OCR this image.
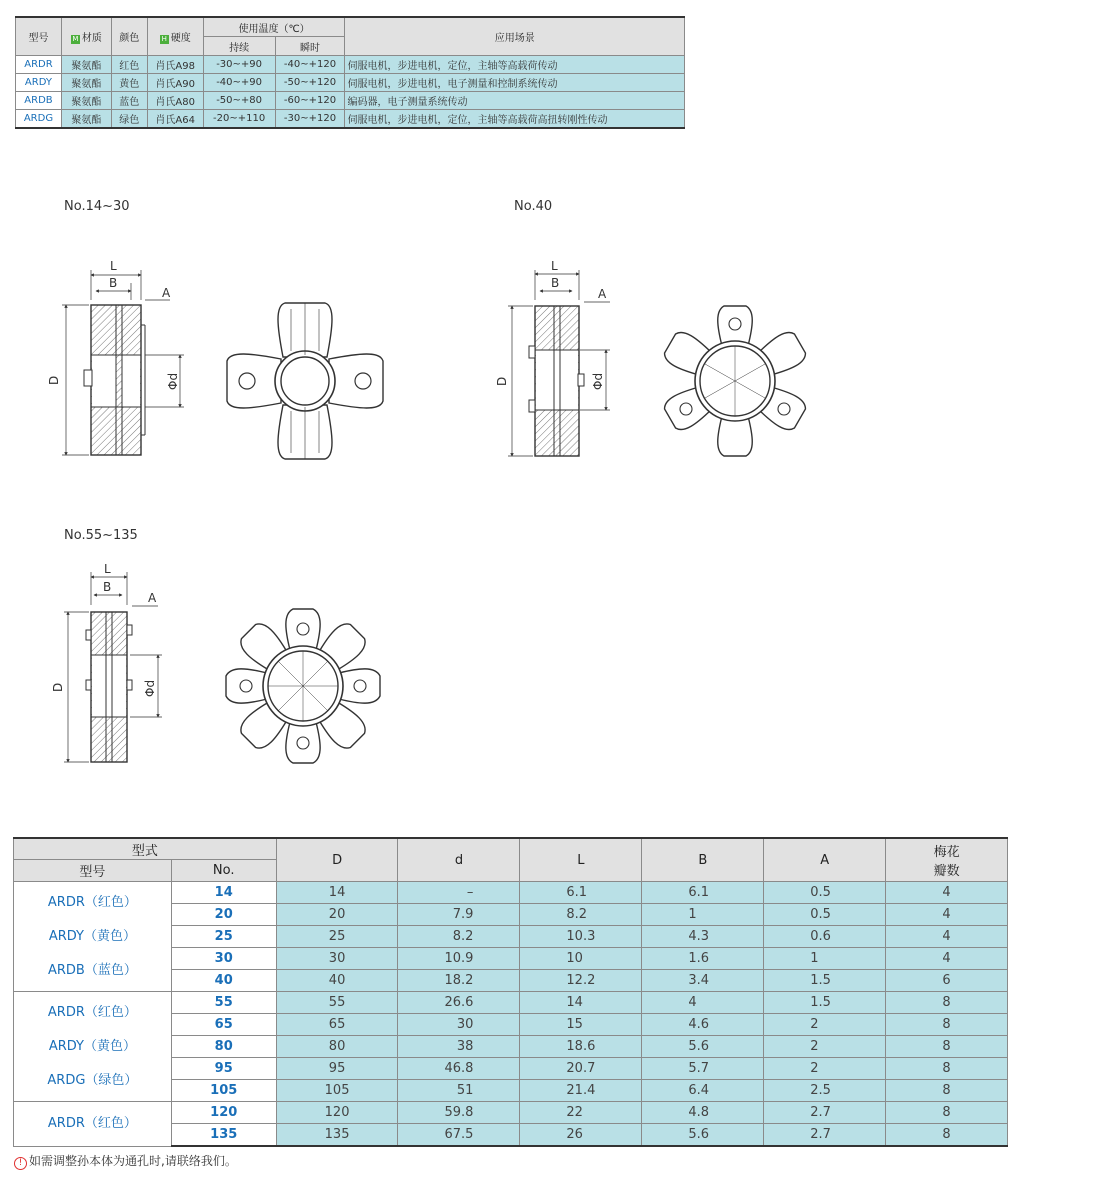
型号	M 材质	颜色	H 硬度	使用温度（℃）		应用场景
				持续	瞬时	
ARDR	聚氨酯	红色	肖氏A98	-30~+90	-40~+120	伺服电机，步进电机，定位，主轴等高载荷传动
ARDY	聚氨酯	黄色	肖氏A90	-40~+90	-50~+120	伺服电机，步进电机，电子测量和控制系统传动
ARDB	聚氨酯	蓝色	肖氏A80	-50~+80	-60~+120	编码器，电子测量系统传动
ARDG	聚氨酯	绿色	肖氏A64	-20~+110	-30~+120	伺服电机，步进电机，定位，主轴等高载荷高扭转刚性传动
No.14~30	No.40
No.55~135
L
B
A
D	Φd
L
B
A
D	Φd
L
B
A
D	Φd
型式		D	d	L	B	A	梅花
瓣数
型号	No.						

ARDR（红色）
ARDY（黄色）
ARDB（蓝色）	14	14	–	6.1	6.1	0.5	4
	20	20	7.9	8.2	1	0.5	4
	25	25	8.2	10.3	4.3	0.6	4
	30	30	10.9	10	1.6	1	4
	40	40	18.2	12.2	3.4	1.5	6

ARDR（红色）
ARDY（黄色）
ARDG（绿色）	55	55	26.6	14	4	1.5	8
	65	65	30	15	4.6	2	8
	80	80	38	18.6	5.6	2	8
	95	95	46.8	20.7	5.7	2	8
	105	105	51	21.4	6.4	2.5	8

ARDR（红色）	120	120	59.8	22	4.8	2.7	8
	135	135	67.5	26	5.6	2.7	8
! 如需调整孙本体为通孔时,请联络我们。
